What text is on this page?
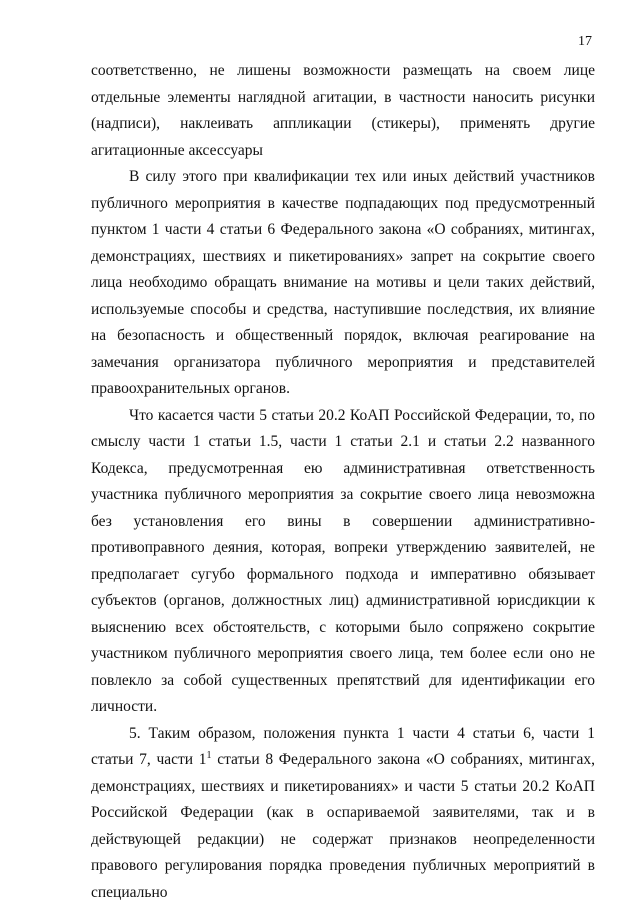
17

соответственно, не лишены возможности размещать на своем лице отдельные элементы наглядной агитации, в частности наносить рисунки (надписи), наклеивать аппликации (стикеры), применять другие агитационные аксессуары

В силу этого при квалификации тех или иных действий участников публичного мероприятия в качестве подпадающих под предусмотренный пунктом 1 части 4 статьи 6 Федерального закона «О собраниях, митингах, демонстрациях, шествиях и пикетированиях» запрет на сокрытие своего лица необходимо обращать внимание на мотивы и цели таких действий, используемые способы и средства, наступившие последствия, их влияние на безопасность и общественный порядок, включая реагирование на замечания организатора публичного мероприятия и представителей правоохранительных органов.

Что касается части 5 статьи 20.2 КоАП Российской Федерации, то, по смыслу части 1 статьи 1.5, части 1 статьи 2.1 и статьи 2.2 названного Кодекса, предусмотренная ею административная ответственность участника публичного мероприятия за сокрытие своего лица невозможна без установления его вины в совершении административно-противоправного деяния, которая, вопреки утверждению заявителей, не предполагает сугубо формального подхода и императивно обязывает субъектов (органов, должностных лиц) административной юрисдикции к выяснению всех обстоятельств, с которыми было сопряжено сокрытие участником публичного мероприятия своего лица, тем более если оно не повлекло за собой существенных препятствий для идентификации его личности.

5. Таким образом, положения пункта 1 части 4 статьи 6, части 1 статьи 7, части $1^1$ статьи 8 Федерального закона «О собраниях, митингах, демонстрациях, шествиях и пикетированиях» и части 5 статьи 20.2 КоАП Российской Федерации (как в оспариваемой заявителями, так и в действующей редакции) не содержат признаков неопределенности правового регулирования порядка проведения публичных мероприятий в специально
